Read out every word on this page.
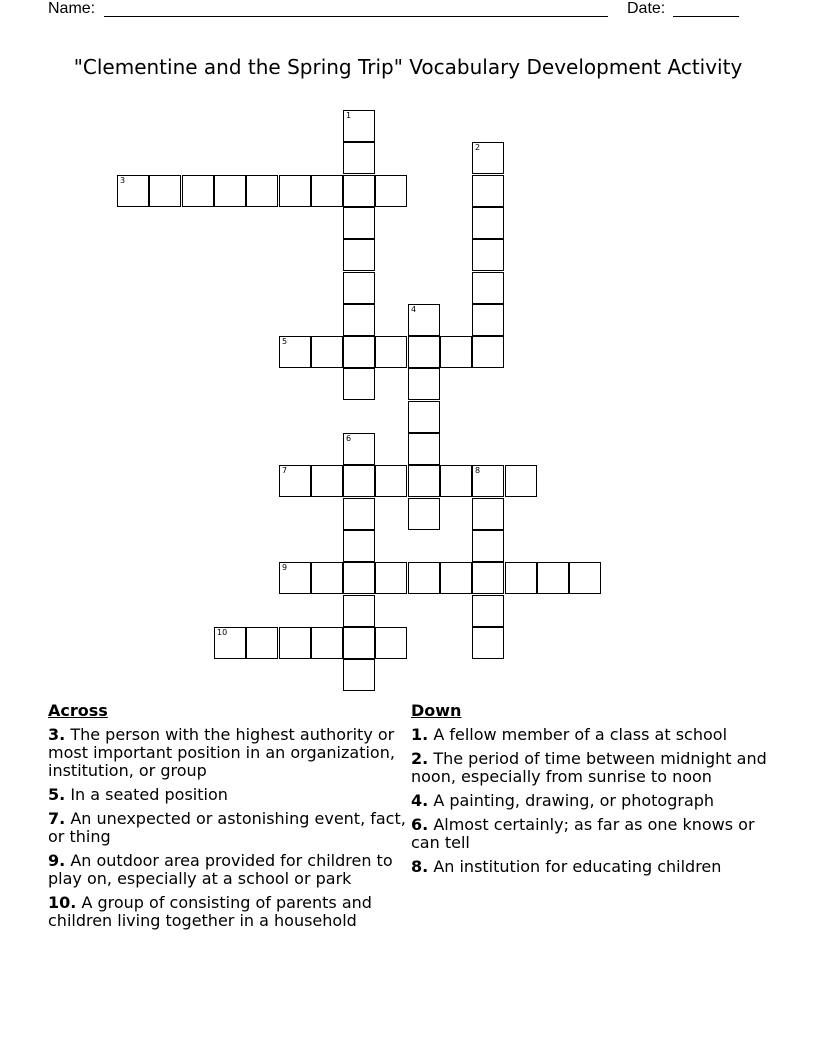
Name:	Date:
"Clementine and the Spring Trip" Vocabulary Development Activity
1
2
3
4
5
6
7	8
9
10
Across
3. The person with the highest authority or most important position in an organization, institution, or group
5. In a seated position
7. An unexpected or astonishing event, fact, or thing
9. An outdoor area provided for children to play on, especially at a school or park
10. A group of consisting of parents and children living together in a household
Down
1. A fellow member of a class at school
2. The period of time between midnight and noon, especially from sunrise to noon
4. A painting, drawing, or photograph
6. Almost certainly; as far as one knows or can tell
8. An institution for educating children
